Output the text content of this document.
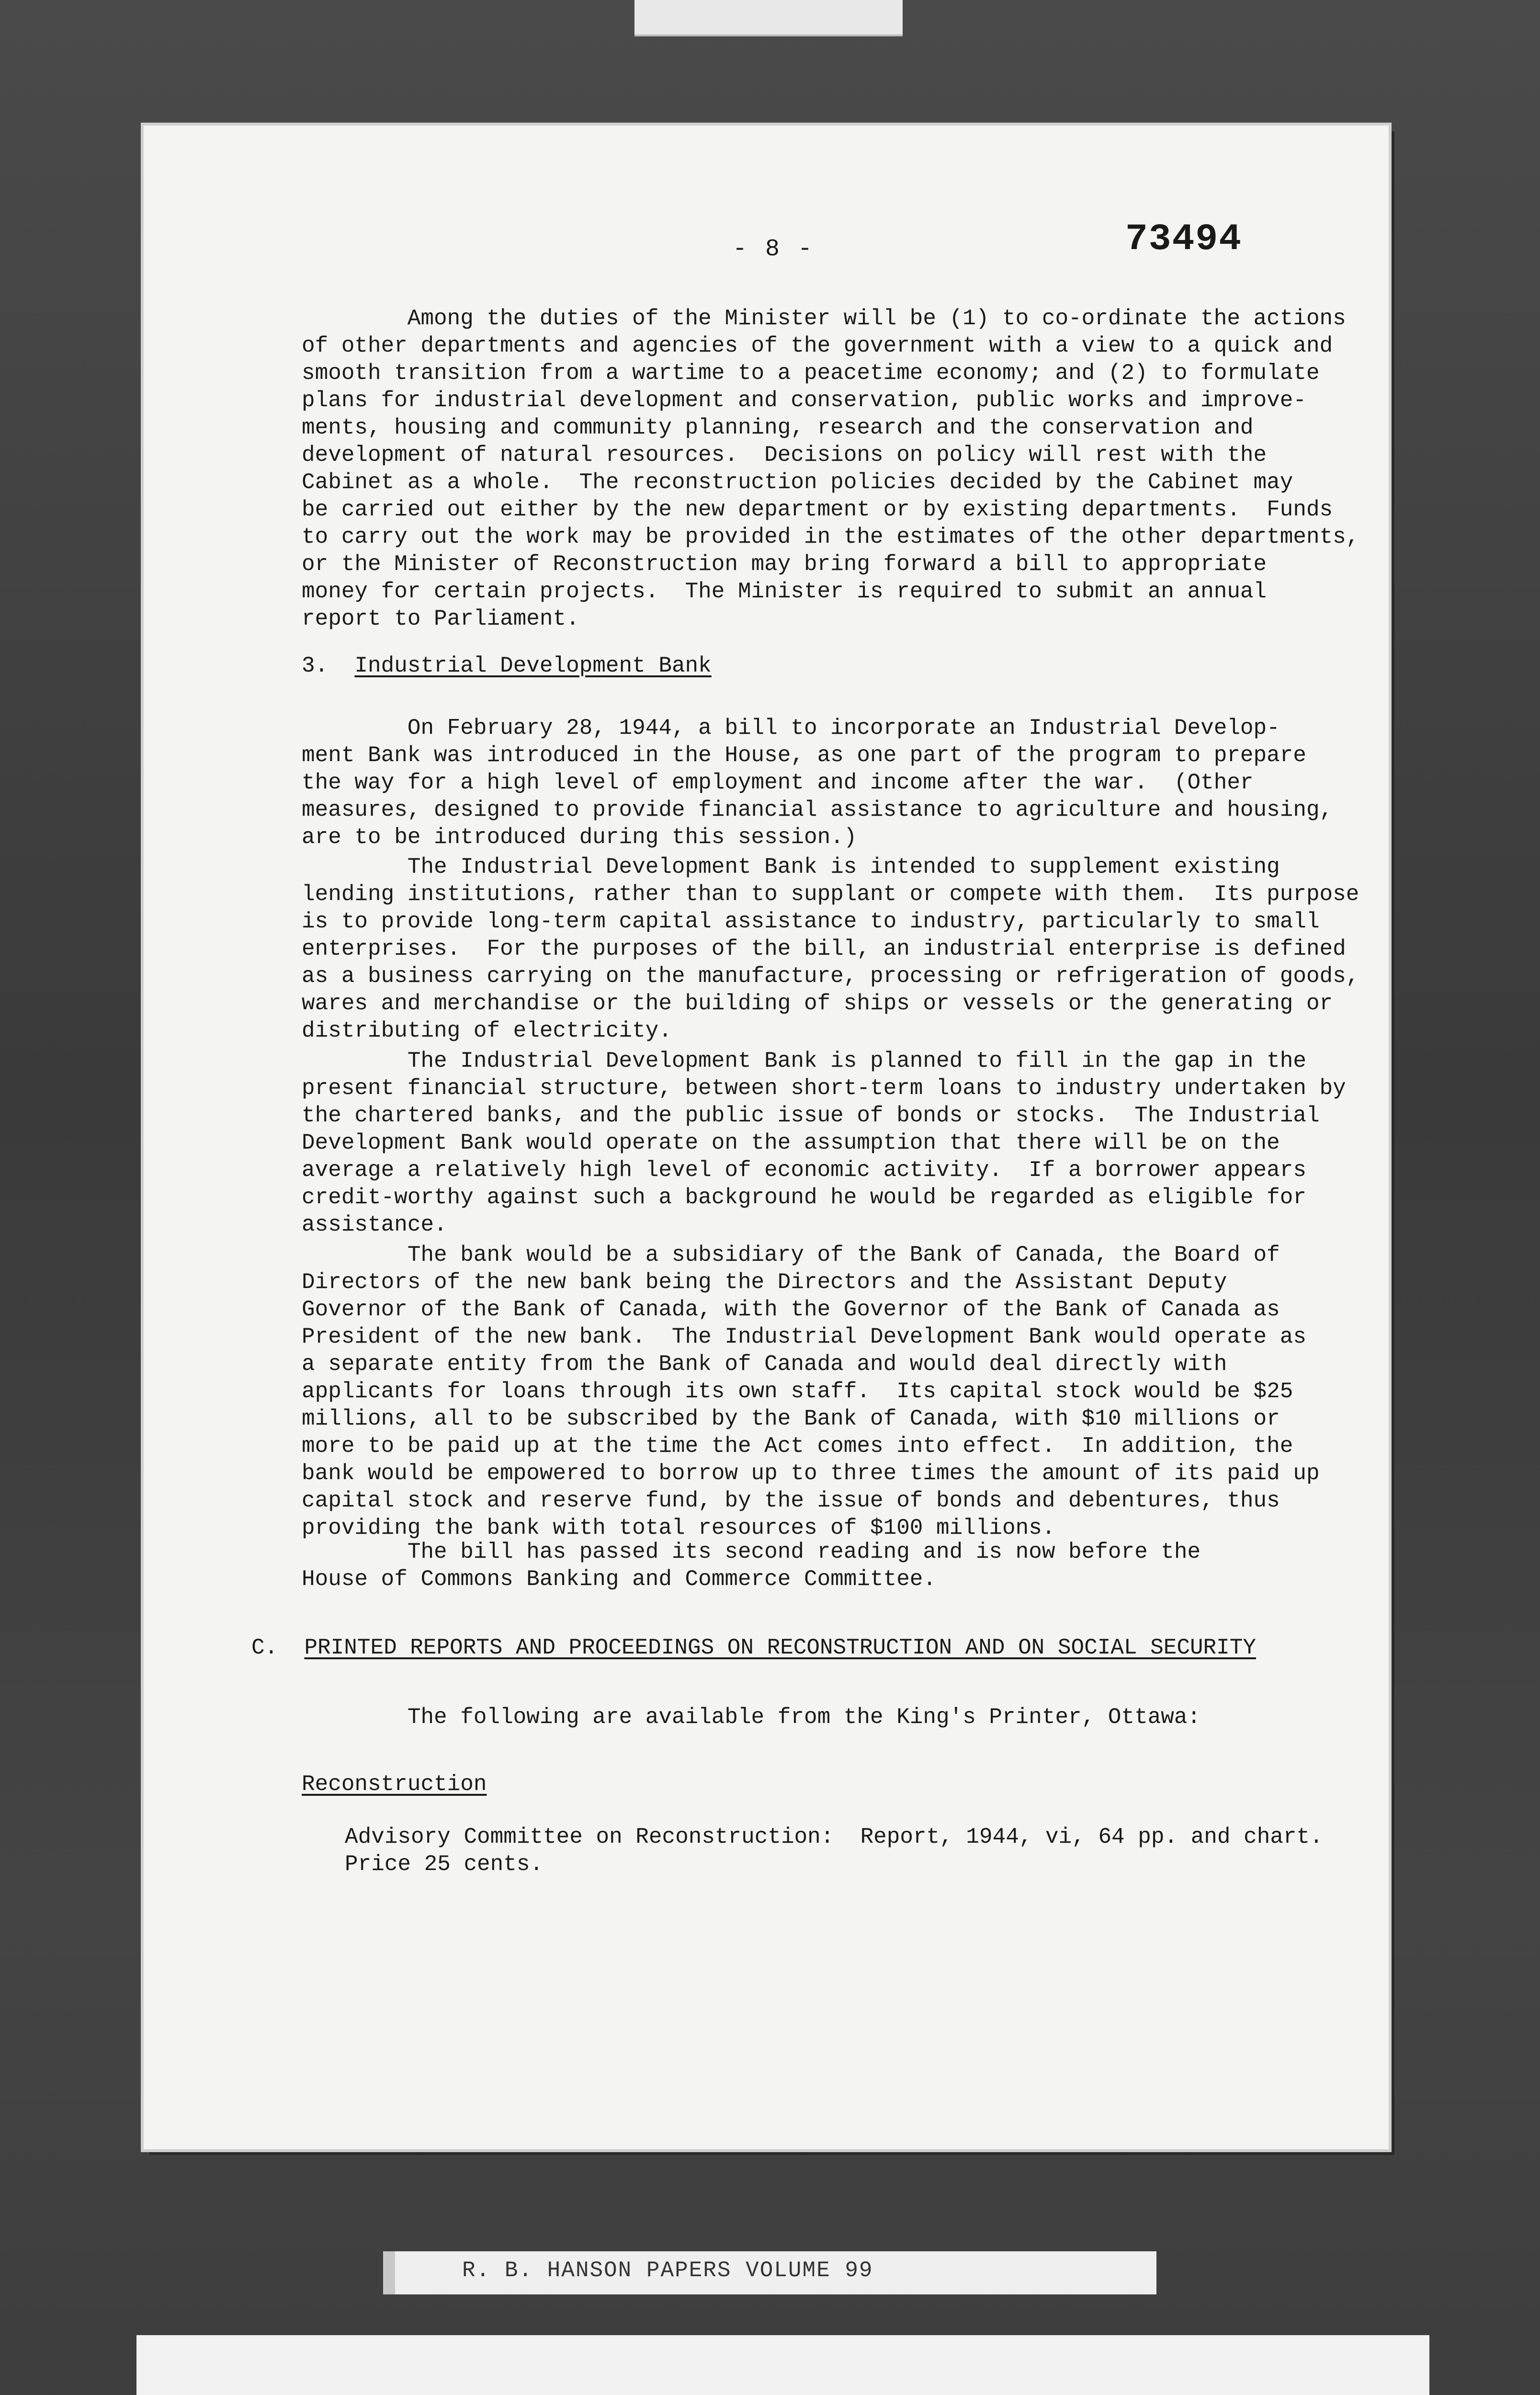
- 8 -	73494

Among the duties of the Minister will be (1) to co-ordinate the actions
of other departments and agencies of the government with a view to a quick and
smooth transition from a wartime to a peacetime economy; and (2) to formulate
plans for industrial development and conservation, public works and improve-
ments, housing and community planning, research and the conservation and
development of natural resources.  Decisions on policy will rest with the
Cabinet as a whole.  The reconstruction policies decided by the Cabinet may
be carried out either by the new department or by existing departments.  Funds
to carry out the work may be provided in the estimates of the other departments,
or the Minister of Reconstruction may bring forward a bill to appropriate
money for certain projects.  The Minister is required to submit an annual
report to Parliament.

3. Industrial Development Bank

On February 28, 1944, a bill to incorporate an Industrial Develop-
ment Bank was introduced in the House, as one part of the program to prepare
the way for a high level of employment and income after the war.  (Other
measures, designed to provide financial assistance to agriculture and housing,
are to be introduced during this session.)

The Industrial Development Bank is intended to supplement existing
lending institutions, rather than to supplant or compete with them.  Its purpose
is to provide long-term capital assistance to industry, particularly to small
enterprises.  For the purposes of the bill, an industrial enterprise is defined
as a business carrying on the manufacture, processing or refrigeration of goods,
wares and merchandise or the building of ships or vessels or the generating or
distributing of electricity.

The Industrial Development Bank is planned to fill in the gap in the
present financial structure, between short-term loans to industry undertaken by
the chartered banks, and the public issue of bonds or stocks.  The Industrial
Development Bank would operate on the assumption that there will be on the
average a relatively high level of economic activity.  If a borrower appears
credit-worthy against such a background he would be regarded as eligible for
assistance.

The bank would be a subsidiary of the Bank of Canada, the Board of
Directors of the new bank being the Directors and the Assistant Deputy
Governor of the Bank of Canada, with the Governor of the Bank of Canada as
President of the new bank.  The Industrial Development Bank would operate as
a separate entity from the Bank of Canada and would deal directly with
applicants for loans through its own staff.  Its capital stock would be $25
millions, all to be subscribed by the Bank of Canada, with $10 millions or
more to be paid up at the time the Act comes into effect.  In addition, the
bank would be empowered to borrow up to three times the amount of its paid up
capital stock and reserve fund, by the issue of bonds and debentures, thus
providing the bank with total resources of $100 millions.

The bill has passed its second reading and is now before the
House of Commons Banking and Commerce Committee.

C. PRINTED REPORTS AND PROCEEDINGS ON RECONSTRUCTION AND ON SOCIAL SECURITY

The following are available from the King's Printer, Ottawa:

Reconstruction

Advisory Committee on Reconstruction:  Report, 1944, vi, 64 pp. and chart.
Price 25 cents.

R. B. HANSON PAPERS VOLUME 99
